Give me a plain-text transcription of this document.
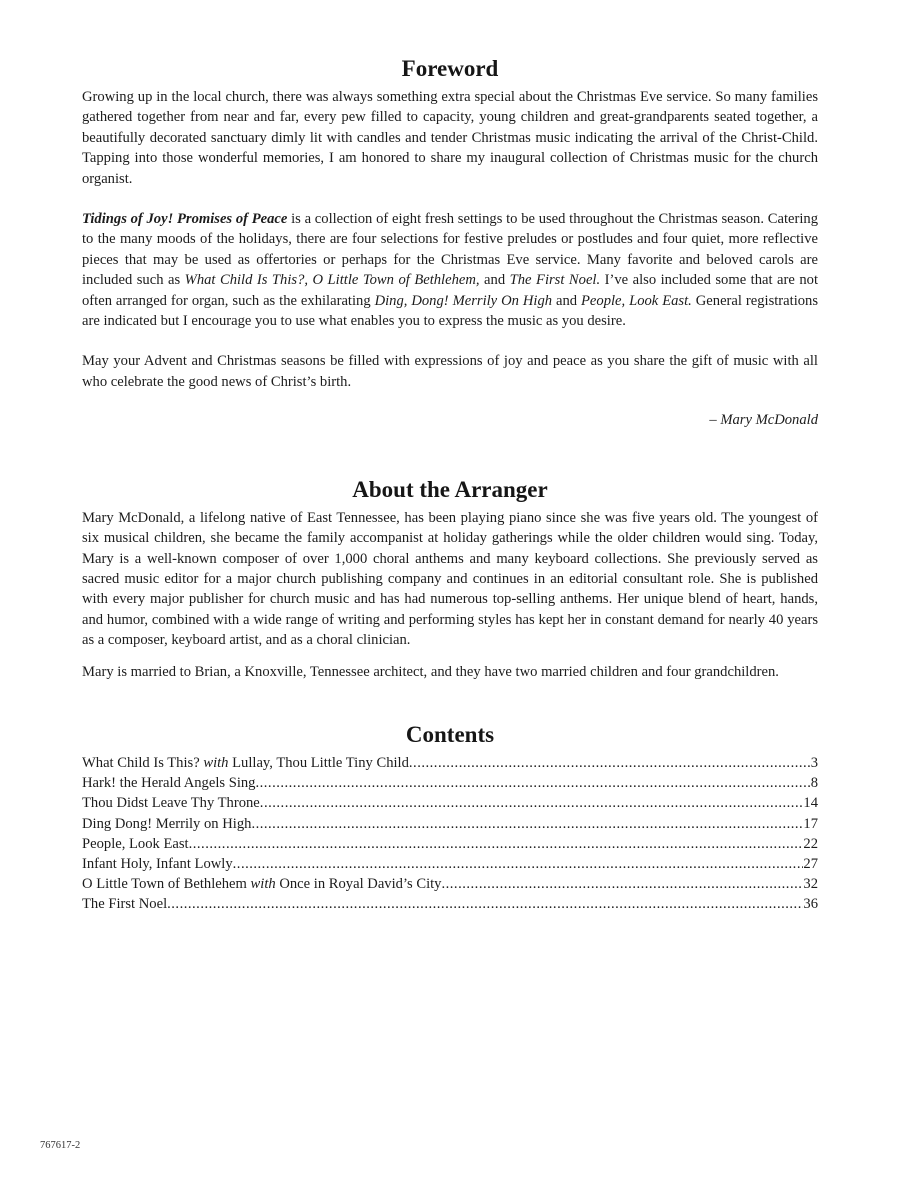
Foreword

Growing up in the local church, there was always something extra special about the Christmas Eve service. So many families gathered together from near and far, every pew filled to capacity, young children and great-grandparents seated together, a beautifully decorated sanctuary dimly lit with candles and tender Christmas music indicating the arrival of the Christ-Child. Tapping into those wonderful memories, I am honored to share my inaugural collection of Christmas music for the church organist.

Tidings of Joy! Promises of Peace is a collection of eight fresh settings to be used throughout the Christmas season. Catering to the many moods of the holidays, there are four selections for festive preludes or postludes and four quiet, more reflective pieces that may be used as offertories or perhaps for the Christmas Eve service. Many favorite and beloved carols are included such as What Child Is This?, O Little Town of Bethlehem, and The First Noel. I’ve also included some that are not often arranged for organ, such as the exhilarating Ding, Dong! Merrily On High and People, Look East. General registrations are indicated but I encourage you to use what enables you to express the music as you desire.

May your Advent and Christmas seasons be filled with expressions of joy and peace as you share the gift of music with all who celebrate the good news of Christ’s birth.

– Mary McDonald
About the Arranger

Mary McDonald, a lifelong native of East Tennessee, has been playing piano since she was five years old. The youngest of six musical children, she became the family accompanist at holiday gatherings while the older children would sing. Today, Mary is a well-known composer of over 1,000 choral anthems and many keyboard collections. She previously served as sacred music editor for a major church publishing company and continues in an editorial consultant role. She is published with every major publisher for church music and has had numerous top-selling anthems. Her unique blend of heart, hands, and humor, combined with a wide range of writing and performing styles has kept her in constant demand for nearly 40 years as a composer, keyboard artist, and as a choral clinician.

Mary is married to Brian, a Knoxville, Tennessee architect, and they have two married children and four grandchildren.

Contents
What Child Is This? with Lullay, Thou Little Tiny Child .....	3
Hark! the Herald Angels Sing .....	8
Thou Didst Leave Thy Throne .....	14
Ding Dong! Merrily on High .....	17
People, Look East .....	22
Infant Holy, Infant Lowly .....	27
O Little Town of Bethlehem with Once in Royal David’s City .....	32
The First Noel .....	36
767617-2
